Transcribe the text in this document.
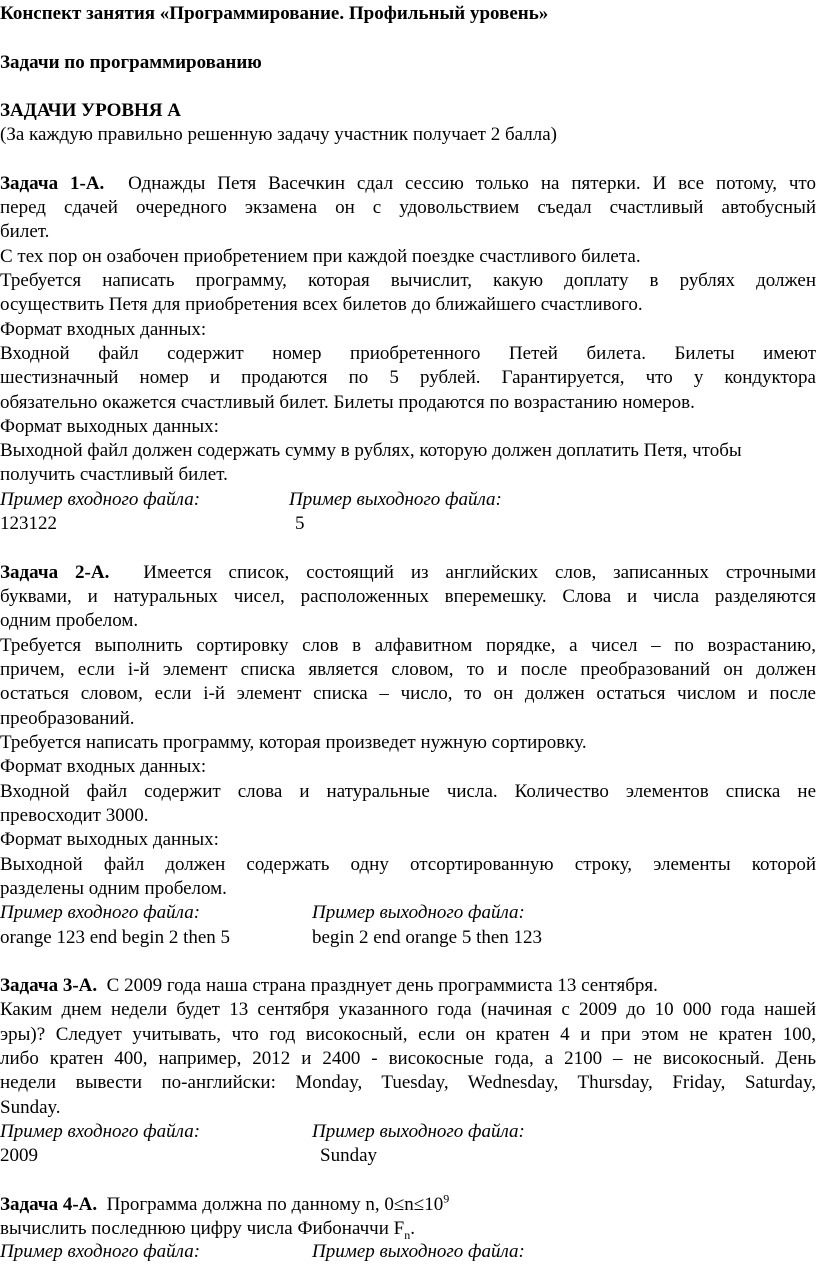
Конспект занятия «Программирование. Профильный уровень»
Задачи по программированию
ЗАДАЧИ УРОВНЯ А
(За каждую правильно решенную задачу участник получает 2 балла)
Задача 1-А. Однажды Петя Васечкин сдал сессию только на пятерки. И все потому, что
перед сдачей очередного экзамена он с удовольствием съедал счастливый автобусный
билет.
С тех пор он озабочен приобретением при каждой поездке счастливого билета.
Требуется написать программу, которая вычислит, какую доплату в рублях должен
осуществить Петя для приобретения всех билетов до ближайшего счастливого.
Формат входных данных:
Входной файл содержит номер приобретенного Петей билета. Билеты имеют
шестизначный номер и продаются по 5 рублей. Гарантируется, что у кондуктора
обязательно окажется счастливый билет. Билеты продаются по возрастанию номеров.
Формат выходных данных:
Выходной файл должен содержать сумму в рублях, которую должен доплатить Петя, чтобы
получить счастливый билет.
Пример входного файла:	Пример выходного файла:
123122	5
Задача 2-А. Имеется список, состоящий из английских слов, записанных строчными
буквами, и натуральных чисел, расположенных вперемешку. Слова и числа разделяются
одним пробелом.
Требуется выполнить сортировку слов в алфавитном порядке, а чисел – по возрастанию,
причем, если i-й элемент списка является словом, то и после преобразований он должен
остаться словом, если i-й элемент списка – число, то он должен остаться числом и после
преобразований.
Требуется написать программу, которая произведет нужную сортировку.
Формат входных данных:
Входной файл содержит слова и натуральные числа. Количество элементов списка не
превосходит 3000.
Формат выходных данных:
Выходной файл должен содержать одну отсортированную строку, элементы которой
разделены одним пробелом.
Пример входного файла:	Пример выходного файла:
orange 123 end begin 2 then 5	begin 2 end orange 5 then 123
Задача 3-А. С 2009 года наша страна празднует день программиста 13 сентября.
Каким днем недели будет 13 сентября указанного года (начиная с 2009 до 10 000 года нашей
эры)? Следует учитывать, что год високосный, если он кратен 4 и при этом не кратен 100,
либо кратен 400, например, 2012 и 2400 - високосные года, а 2100 – не високосный. День
недели вывести по-английски: Monday, Tuesday, Wednesday, Thursday, Friday, Saturday,
Sunday.
Пример входного файла:	Пример выходного файла:
2009	Sunday
Задача 4-А. Программа должна по данному n, $0\le n\le 10^9$
вычислить последнюю цифру числа Фибоначчи $F_n$.
Пример входного файла:	Пример выходного файла:
